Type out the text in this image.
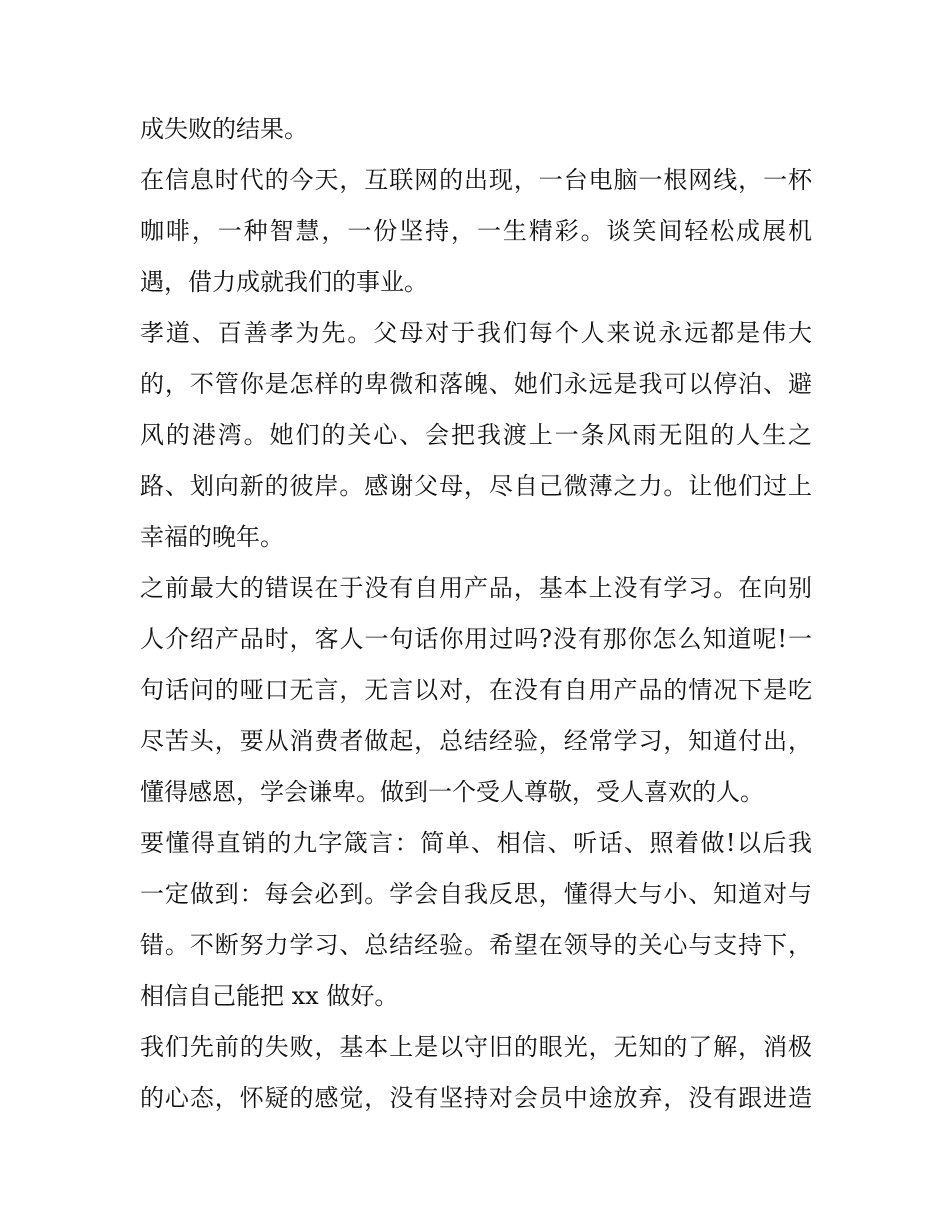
成失败的结果。
在信息时代的今天，互联网的出现，一台电脑一根网线，一杯
咖啡，一种智慧，一份坚持，一生精彩。谈笑间轻松成展机
遇，借力成就我们的事业。
孝道、百善孝为先。父母对于我们每个人来说永远都是伟大
的，不管你是怎样的卑微和落魄、她们永远是我可以停泊、避
风的港湾。她们的关心、会把我渡上一条风雨无阻的人生之
路、划向新的彼岸。感谢父母，尽自己微薄之力。让他们过上
幸福的晚年。
之前最大的错误在于没有自用产品，基本上没有学习。在向别
人介绍产品时，客人一句话你用过吗?没有那你怎么知道呢!一
句话问的哑口无言，无言以对，在没有自用产品的情况下是吃
尽苦头，要从消费者做起，总结经验，经常学习，知道付出，
懂得感恩，学会谦卑。做到一个受人尊敬，受人喜欢的人。
要懂得直销的九字箴言：简单、相信、听话、照着做!以后我
一定做到：每会必到。学会自我反思，懂得大与小、知道对与
错。不断努力学习、总结经验。希望在领导的关心与支持下，
相信自己能把 xx 做好。
我们先前的失败，基本上是以守旧的眼光，无知的了解，消极
的心态，怀疑的感觉，没有坚持对会员中途放弃，没有跟进造
